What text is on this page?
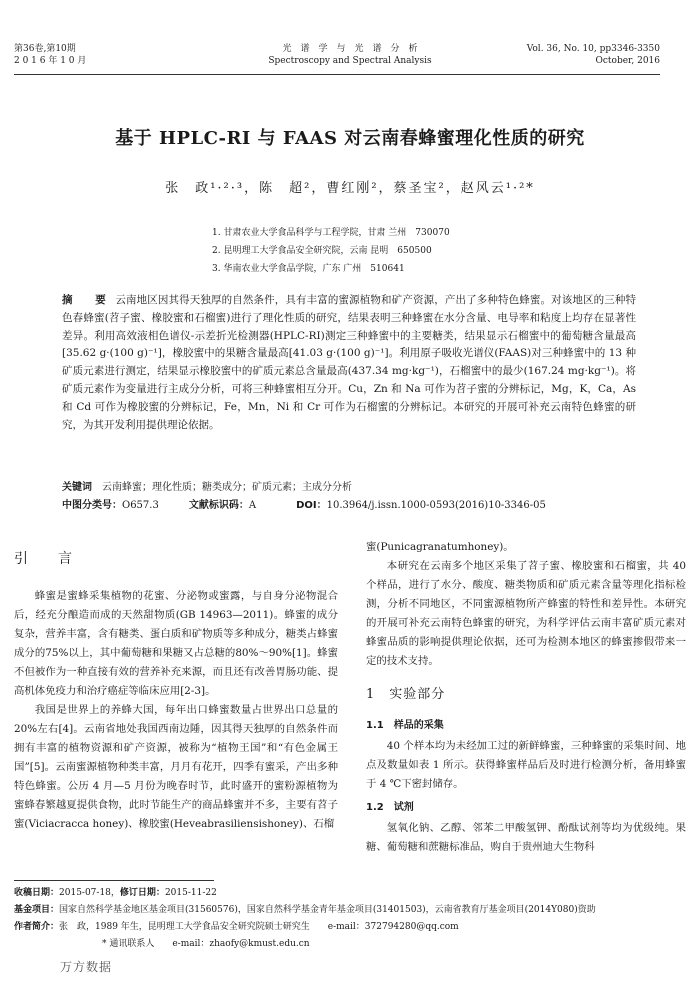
第36卷,第10期
2 0 1 6 年 1 0 月
光　谱　学　与　光　谱　分　析
Spectroscopy and Spectral Analysis
Vol. 36, No. 10, pp3346-3350
October, 2016
基于 HPLC-RI 与 FAAS 对云南春蜂蜜理化性质的研究
张　政¹·²·³，陈　超²，曹红刚²，蔡圣宝²，赵风云¹·²*
1. 甘肃农业大学食品科学与工程学院，甘肃 兰州　730070
2. 昆明理工大学食品安全研究院，云南 昆明　650500
3. 华南农业大学食品学院，广东 广州　510641
摘　要 云南地区因其得天独厚的自然条件，具有丰富的蜜源植物和矿产资源，产出了多种特色蜂蜜。对该地区的三种特色春蜂蜜(苕子蜜、橡胶蜜和石榴蜜)进行了理化性质的研究，结果表明三种蜂蜜在水分含量、电导率和粘度上均存在显著性差异。利用高效液相色谱仪-示差折光检测器(HPLC-RI)测定三种蜂蜜中的主要糖类，结果显示石榴蜜中的葡萄糖含量最高[35.62 g·(100 g)⁻¹]，橡胶蜜中的果糖含量最高[41.03 g·(100 g)⁻¹]。利用原子吸收光谱仪(FAAS)对三种蜂蜜中的 13 种矿质元素进行测定，结果显示橡胶蜜中的矿质元素总含量最高(437.34 mg·kg⁻¹)，石榴蜜中的最少(167.24 mg·kg⁻¹)。将矿质元素作为变量进行主成分分析，可将三种蜂蜜相互分开。Cu，Zn 和 Na 可作为苕子蜜的分辨标记，Mg，K，Ca，As 和 Cd 可作为橡胶蜜的分辨标记，Fe，Mn，Ni 和 Cr 可作为石榴蜜的分辨标记。本研究的开展可补充云南特色蜂蜜的研究，为其开发利用提供理论依据。
关键词　 云南蜂蜜；理化性质；糖类成分；矿质元素；主成分分析
中图分类号：O657.3　　　	文献标识码：A　　　　	DOI：10.3964/j.issn.1000-0593(2016)10-3346-05
引　言

蜂蜜是蜜蜂采集植物的花蜜、分泌物或蜜露，与自身分泌物混合后，经充分酿造而成的天然甜物质(GB 14963—2011)。蜂蜜的成分复杂，营养丰富，含有糖类、蛋白质和矿物质等多种成分，糖类占蜂蜜成分的75%以上，其中葡萄糖和果糖又占总糖的80%～90%[1]。蜂蜜不但被作为一种直接有效的营养补充来源，而且还有改善胃肠功能、提高机体免疫力和治疗癌症等临床应用[2-3]。

我国是世界上的养蜂大国，每年出口蜂蜜数量占世界出口总量的20%左右[4]。云南省地处我国西南边陲，因其得天独厚的自然条件而拥有丰富的植物资源和矿产资源，被称为“植物王国”和“有色金属王国”[5]。云南蜜源植物种类丰富，月月有花开，四季有蜜采，产出多种特色蜂蜜。公历 4 月—5 月份为晚春时节，此时盛开的蜜粉源植物为蜜蜂春繁越夏提供食物，此时节能生产的商品蜂蜜并不多，主要有苕子蜜(Viciacracca honey)、橡胶蜜(Heveabrasiliensishoney)、石榴

蜜(Punicagranatumhoney)。

本研究在云南多个地区采集了苕子蜜、橡胶蜜和石榴蜜，共 40 个样品，进行了水分、酸度、糖类物质和矿质元素含量等理化指标检测，分析不同地区，不同蜜源植物所产蜂蜜的特性和差异性。本研究的开展可补充云南特色蜂蜜的研究，为科学评估云南丰富矿质元素对蜂蜜品质的影响提供理论依据，还可为检测本地区的蜂蜜掺假带来一定的技术支持。

1　实验部分
1.1　样品的采集

40 个样本均为未经加工过的新鲜蜂蜜，三种蜂蜜的采集时间、地点及数量如表 1 所示。获得蜂蜜样品后及时进行检测分析，备用蜂蜜于 4 ℃下密封储存。

1.2　试剂

氢氧化钠、乙醇、邻苯二甲酸氢钾、酚酞试剂等均为优级纯。果糖、葡萄糖和蔗糖标准品，购自于贵州迪大生物科

收稿日期：2015-07-18，修订日期：2015-11-22
基金项目：国家自然科学基金地区基金项目(31560576)，国家自然科学基金青年基金项目(31401503)，云南省教育厅基金项目(2014Y080)资助
作者简介：张　政，1989 年生，昆明理工大学食品安全研究院硕士研究生　　e-mail：372794280@qq.com
* 通讯联系人　　e-mail：zhaofy@kmust.edu.cn
万方数据
